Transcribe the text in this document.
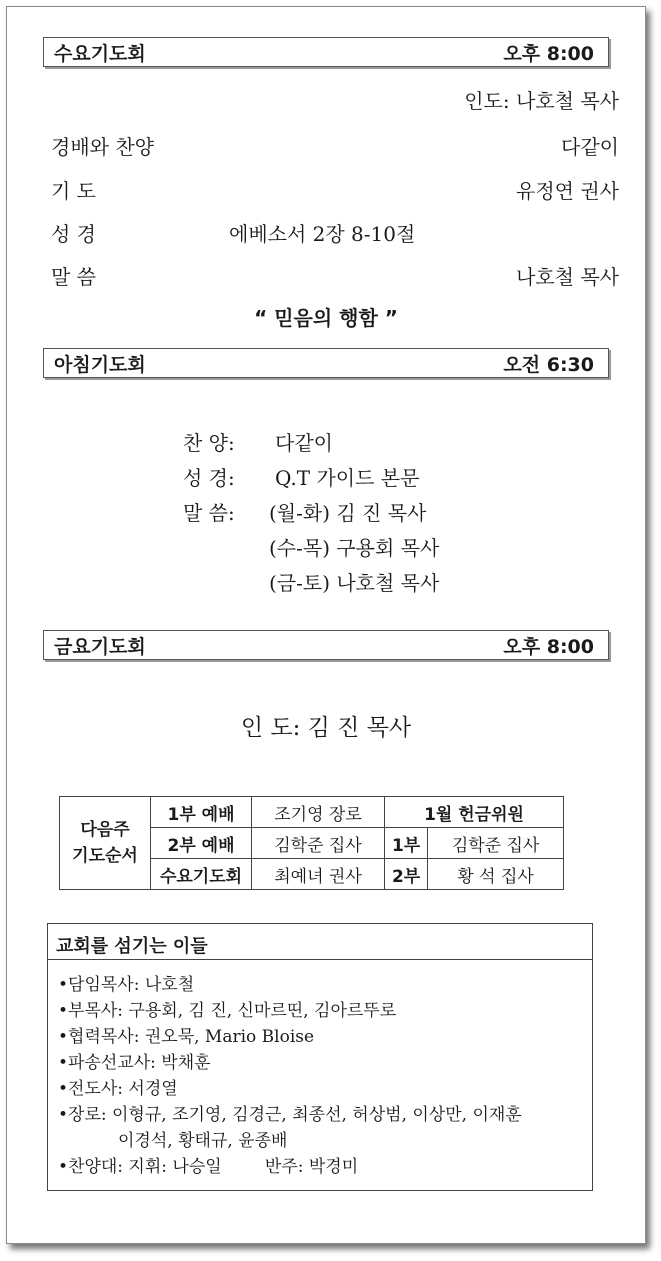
수요기도회	오후 8:00
인도: 나호철 목사
경배와 찬양	다같이
기 도	유정연 권사
성 경	에베소서 2장 8-10절
말 씀	나호철 목사
“ 믿음의 행함 ”
아침기도회	오전 6:30
찬 양: 다같이
성 경: Q.T 가이드 본문
말 씀: (월-화) 김 진 목사
(수-목) 구용회 목사
(금-토) 나호철 목사
금요기도회	오후 8:00
인 도: 김 진 목사
다음주
기도순서	1부 예배	조기영 장로	1월 헌금위원	
	2부 예배	김학준 집사	1부	김학준 집사
	수요기도회	최예녀 권사	2부	황 석 집사
교회를 섬기는 이들
•담임목사: 나호철
•부목사: 구용회, 김 진, 신마르띤, 김아르뚜로
•협력목사: 권오묵, Mario Bloise
•파송선교사: 박채훈
•전도사: 서경열
•장로: 이형규, 조기영, 김경근, 최종선, 허상범, 이상만, 이재훈
이경석, 황태규, 윤종배
•찬양대: 지휘: 나승일        반주: 박경미
